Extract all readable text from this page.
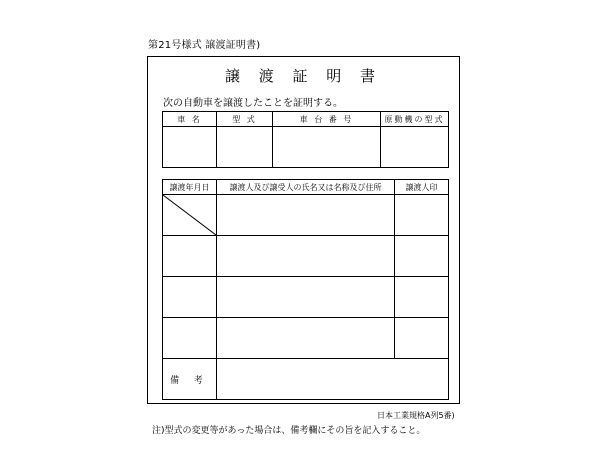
第21号様式 譲渡証明書)
譲 渡 証 明 書
次の自動車を譲渡したことを証明する。
車 名	型 式	車 台 番 号	原動機の型式

譲渡年月日	譲渡人及び譲受人の氏名又は名称及び住所	譲渡人印

備 考		
日本工業規格A列5番)
注)型式の変更等があった場合は、備考欄にその旨を記入すること。
